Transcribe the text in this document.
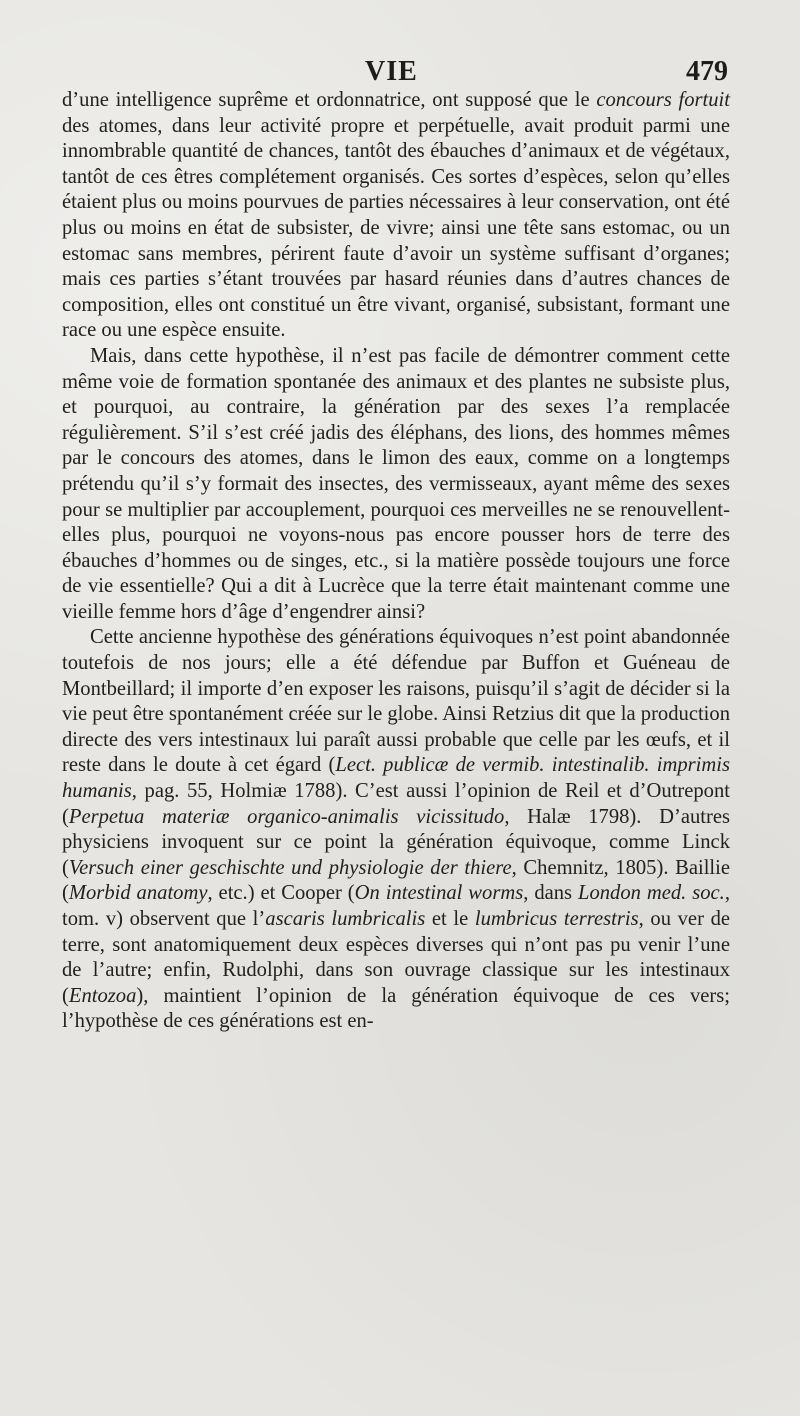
VIE	479

d’une intelligence suprême et ordonnatrice, ont supposé que le concours fortuit des atomes, dans leur activité propre et perpétuelle, avait produit parmi une innombrable quantité de chances, tantôt des ébauches d’animaux et de végétaux, tantôt de ces êtres complétement organisés. Ces sortes d’espèces, selon qu’elles étaient plus ou moins pourvues de parties nécessaires à leur conservation, ont été plus ou moins en état de subsister, de vivre; ainsi une tête sans estomac, ou un estomac sans membres, périrent faute d’avoir un système suffisant d’organes; mais ces parties s’étant trouvées par hasard réunies dans d’autres chances de composition, elles ont constitué un être vivant, organisé, subsistant, formant une race ou une espèce ensuite.

Mais, dans cette hypothèse, il n’est pas facile de démontrer comment cette même voie de formation spontanée des animaux et des plantes ne subsiste plus, et pourquoi, au contraire, la génération par des sexes l’a remplacée régulièrement. S’il s’est créé jadis des éléphans, des lions, des hommes mêmes par le concours des atomes, dans le limon des eaux, comme on a longtemps prétendu qu’il s’y formait des insectes, des vermisseaux, ayant même des sexes pour se multiplier par accouplement, pourquoi ces merveilles ne se renouvellent-elles plus, pourquoi ne voyons-nous pas encore pousser hors de terre des ébauches d’hommes ou de singes, etc., si la matière possède toujours une force de vie essentielle? Qui a dit à Lucrèce que la terre était maintenant comme une vieille femme hors d’âge d’engendrer ainsi?

Cette ancienne hypothèse des générations équivoques n’est point abandonnée toutefois de nos jours; elle a été défendue par Buffon et Guéneau de Montbeillard; il importe d’en exposer les raisons, puisqu’il s’agit de décider si la vie peut être spontanément créée sur le globe. Ainsi Retzius dit que la production directe des vers intestinaux lui paraît aussi probable que celle par les œufs, et il reste dans le doute à cet égard (Lect. publicæ de vermib. intestinalib. imprimis humanis, pag. 55, Holmiæ 1788). C’est aussi l’opinion de Reil et d’Outrepont (Perpetua materiæ organico-animalis vicissitudo, Halæ 1798). D’autres physiciens invoquent sur ce point la génération équivoque, comme Linck (Versuch einer geschischte und physiologie der thiere, Chemnitz, 1805). Baillie (Morbid anatomy, etc.) et Cooper (On intestinal worms, dans London med. soc., tom. v) observent que l’ascaris lumbricalis et le lumbricus terrestris, ou ver de terre, sont anatomiquement deux espèces diverses qui n’ont pas pu venir l’une de l’autre; enfin, Rudolphi, dans son ouvrage classique sur les intestinaux (Entozoa), maintient l’opinion de la génération équivoque de ces vers; l’hypothèse de ces générations est en-
